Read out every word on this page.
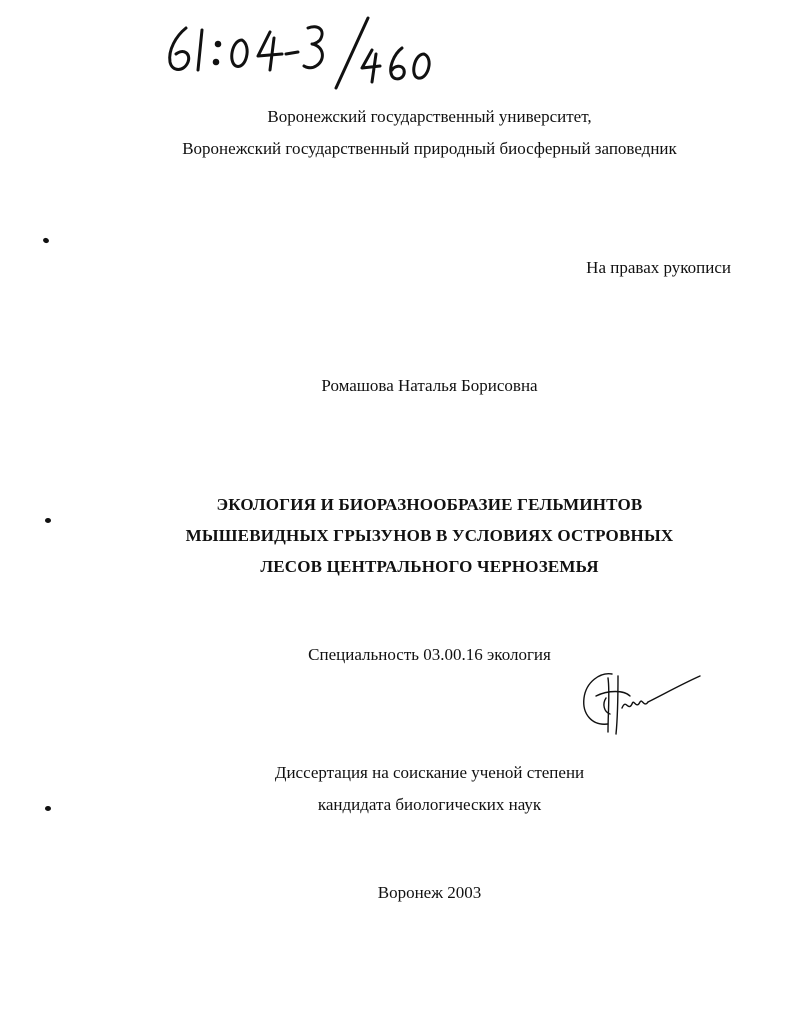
Воронежский государственный университет,
Воронежский государственный природный биосферный заповедник
На правах рукописи
Ромашова Наталья Борисовна
ЭКОЛОГИЯ И БИОРАЗНООБРАЗИЕ ГЕЛЬМИНТОВ
МЫШЕВИДНЫХ ГРЫЗУНОВ В УСЛОВИЯХ ОСТРОВНЫХ
ЛЕСОВ ЦЕНТРАЛЬНОГО ЧЕРНОЗЕМЬЯ
Специальность 03.00.16 экология
Диссертация на соискание ученой степени
кандидата биологических наук
Воронеж 2003
